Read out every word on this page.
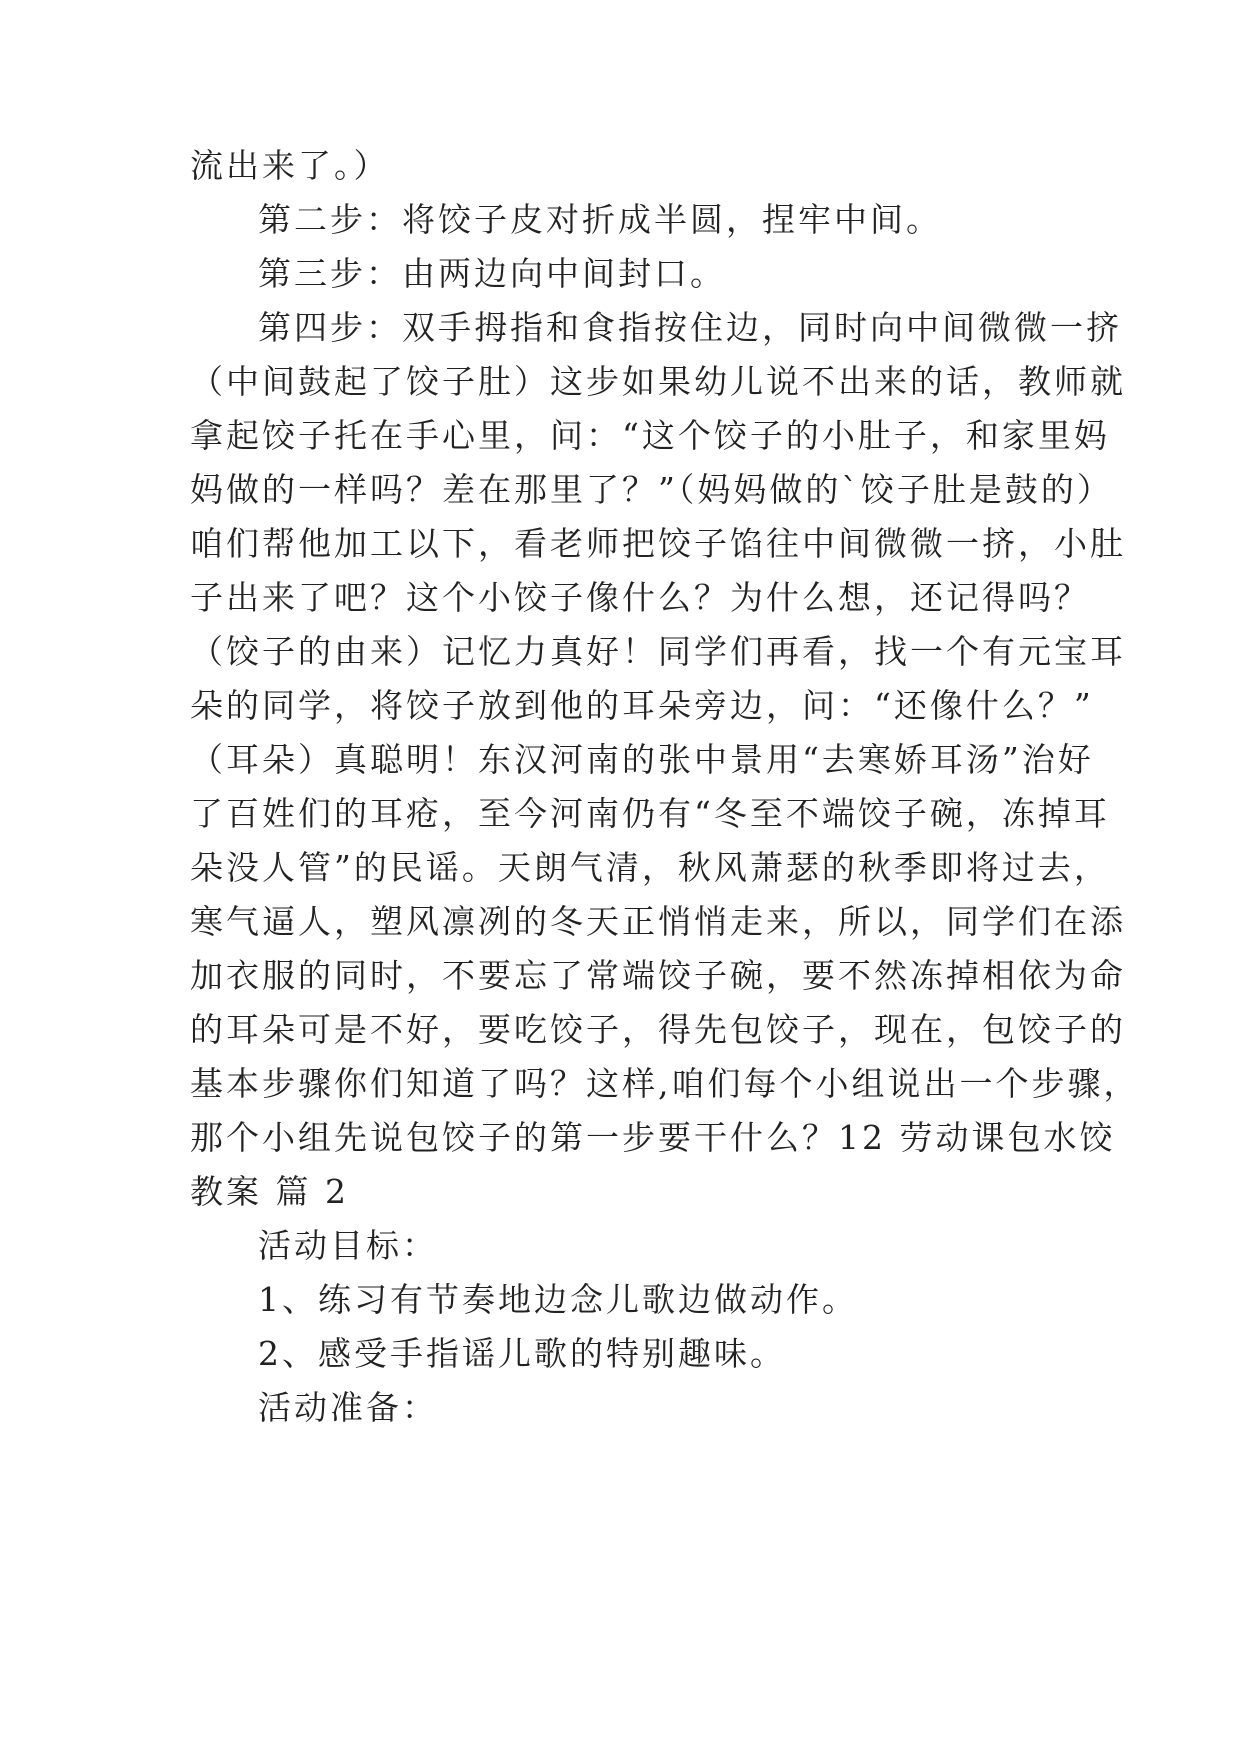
流出来了。）
第二步：将饺子皮对折成半圆，捏牢中间。
第三步：由两边向中间封口。
第四步：双手拇指和食指按住边，同时向中间微微一挤
（中间鼓起了饺子肚）这步如果幼儿说不出来的话，教师就
拿起饺子托在手心里，问：“这个饺子的小肚子，和家里妈
妈做的一样吗？差在那里了？”（妈妈做的`饺子肚是鼓的）
咱们帮他加工以下，看老师把饺子馅往中间微微一挤，小肚
子出来了吧？这个小饺子像什么？为什么想，还记得吗？
（饺子的由来）记忆力真好！同学们再看，找一个有元宝耳
朵的同学，将饺子放到他的耳朵旁边，问：“还像什么？”
（耳朵）真聪明！东汉河南的张中景用“去寒娇耳汤”治好
了百姓们的耳疮，至今河南仍有“冬至不端饺子碗，冻掉耳
朵没人管”的民谣。天朗气清，秋风萧瑟的秋季即将过去，
寒气逼人，塑风凛冽的冬天正悄悄走来，所以，同学们在添
加衣服的同时，不要忘了常端饺子碗，要不然冻掉相依为命
的耳朵可是不好，要吃饺子，得先包饺子，现在，包饺子的
基本步骤你们知道了吗？这样,咱们每个小组说出一个步骤，
那个小组先说包饺子的第一步要干什么？12 劳动课包水饺
教案 篇 2
活动目标：
1、练习有节奏地边念儿歌边做动作。
2、感受手指谣儿歌的特别趣味。
活动准备：
